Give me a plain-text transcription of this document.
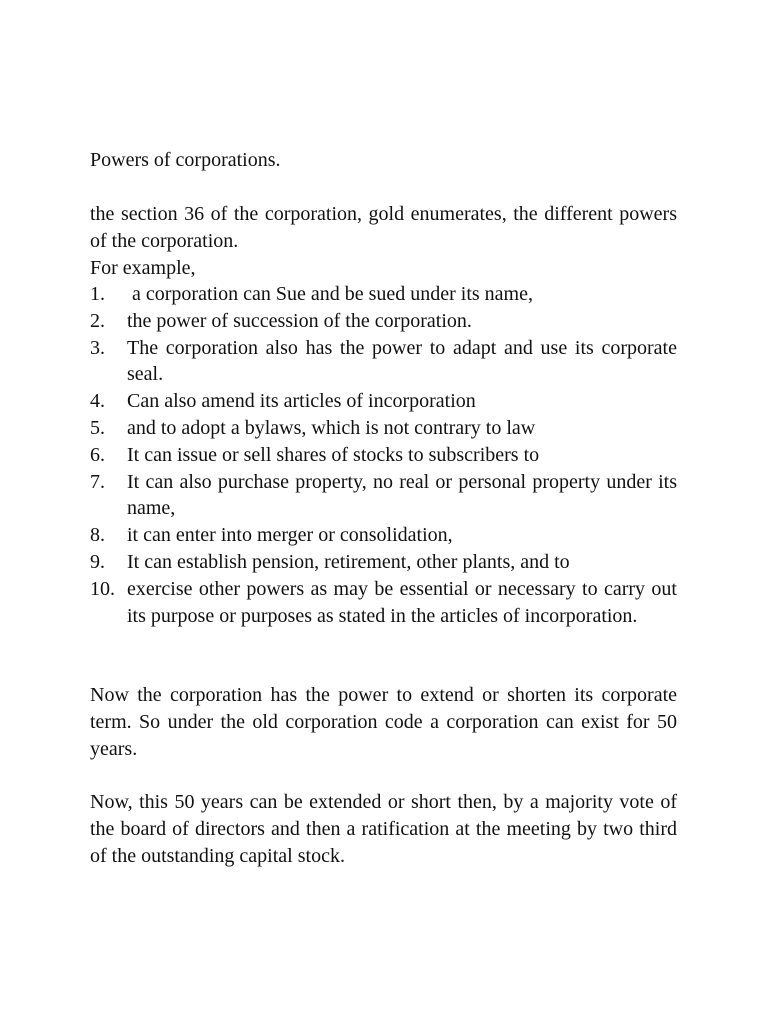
Powers of corporations.
the section 36 of the corporation, gold enumerates, the different powers of the corporation.
For example,
1. a corporation can Sue and be sued under its name,
2. the power of succession of the corporation.
3. The corporation also has the power to adapt and use its corporate seal.
4. Can also amend its articles of incorporation
5. and to adopt a bylaws, which is not contrary to law
6. It can issue or sell shares of stocks to subscribers to
7. It can also purchase property, no real or personal property under its name,
8. it can enter into merger or consolidation,
9. It can establish pension, retirement, other plants, and to
10. exercise other powers as may be essential or necessary to carry out its purpose or purposes as stated in the articles of incorporation.
Now the corporation has the power to extend or shorten its corporate term. So under the old corporation code a corporation can exist for 50 years.
Now, this 50 years can be extended or short then, by a majority vote of the board of directors and then a ratification at the meeting by two third of the outstanding capital stock.
